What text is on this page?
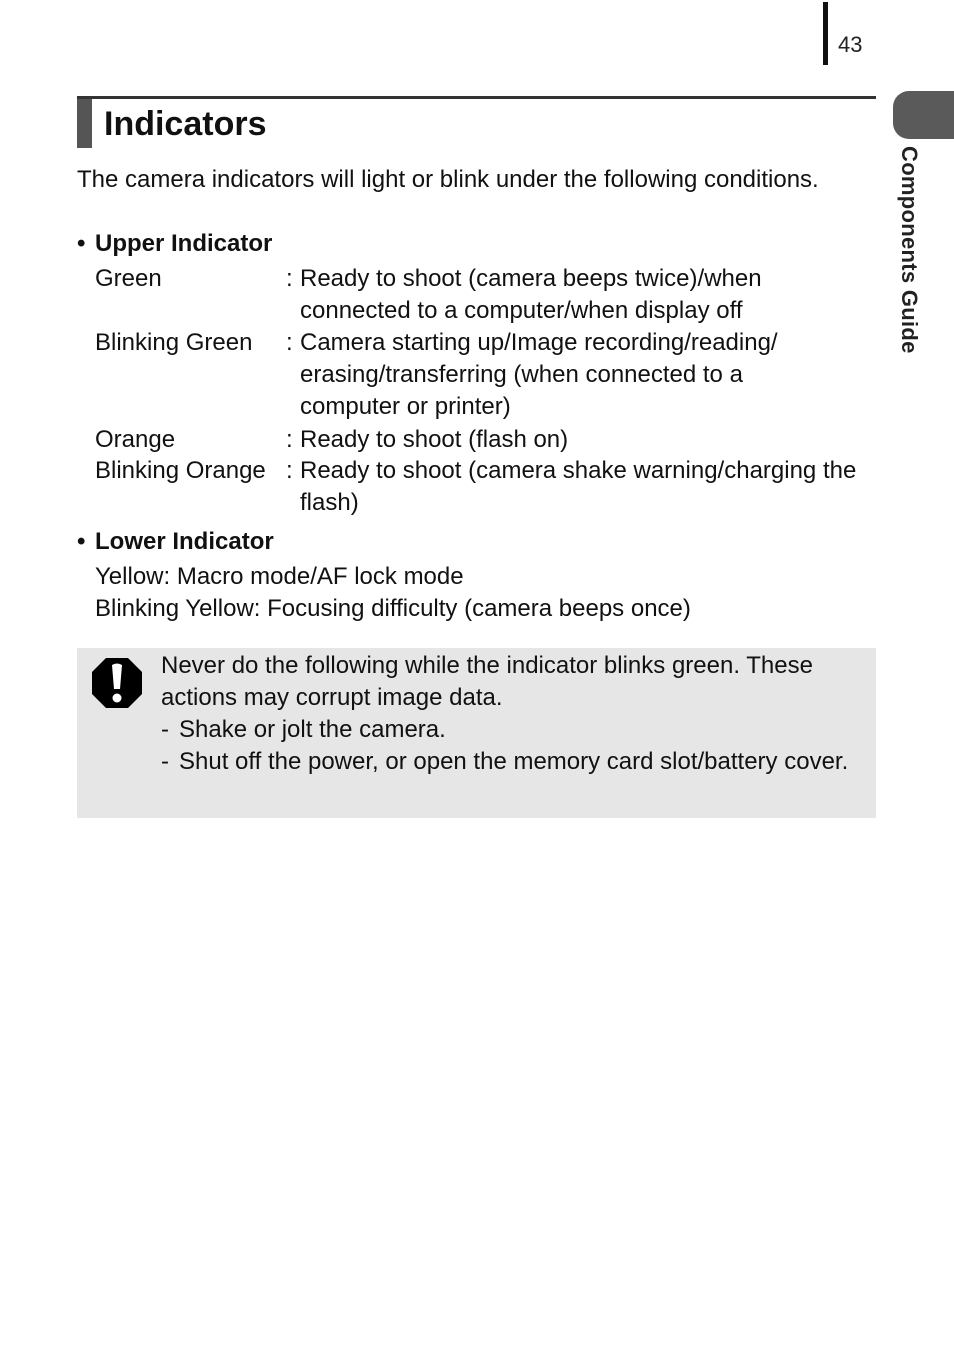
43
Components Guide
Indicators
The camera indicators will light or blink under the following conditions.
• Upper Indicator
Green	: Ready to shoot (camera beeps twice)/when connected to a computer/when display off
Blinking Green : Camera starting up/Image recording/reading/ erasing/transferring (when connected to a computer or printer)
Orange	: Ready to shoot (flash on)
Blinking Orange : Ready to shoot (camera shake warning/charging the flash)
• Lower Indicator
Yellow: Macro mode/AF lock mode
Blinking Yellow: Focusing difficulty (camera beeps once)
Never do the following while the indicator blinks green. These actions may corrupt image data.
- Shake or jolt the camera.
- Shut off the power, or open the memory card slot/battery cover.
